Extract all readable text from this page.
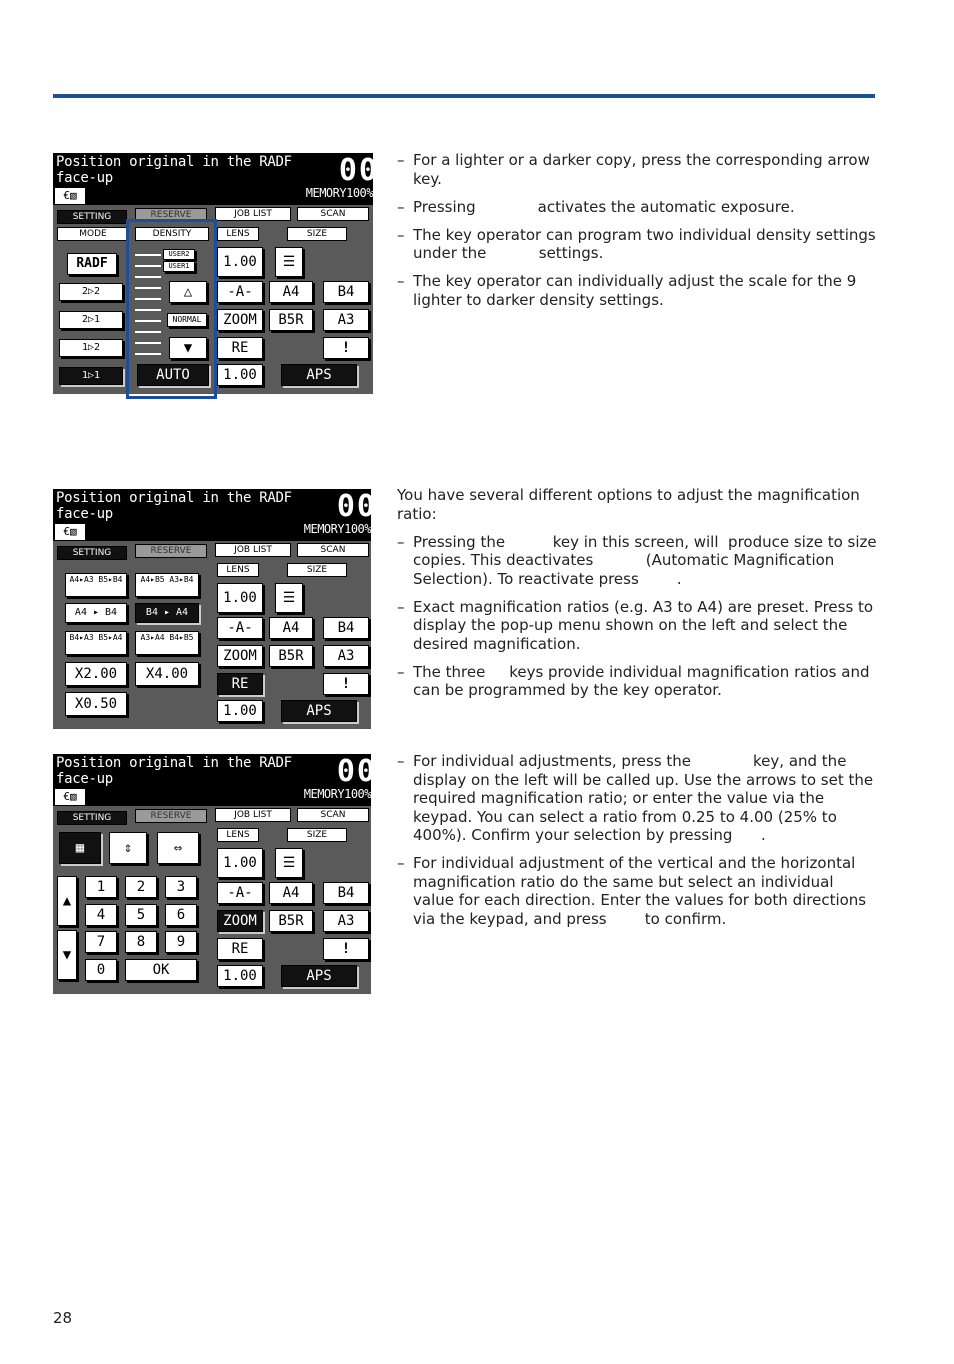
Position original in the RADF
face-up	00
MEMORY100%
€▧
SETTING	RESERVE	JOB LIST	SCAN
MODE	DENSITY	LENS	SIZE
RADF
2▷2
2▷1
1▷2
1▷1
USER2
USER1
△
NORMAL
▼
AUTO
1.00
-A-
ZOOM
RE
1.00
☰
A4	B4
B5R	A3
!
APS
Position original in the RADF
face-up	00
MEMORY100%
€▧
SETTING	RESERVE	JOB LIST	SCAN
LENS	SIZE
A4▸A3 B5▸B4	A4▸B5 A3▸B4
A4 ▸ B4	B4 ▸ A4
B4▸A3 B5▸A4	A3▸A4 B4▸B5
X2.00	X4.00
X0.50
1.00
-A-
ZOOM
RE
1.00
☰
A4	B4
B5R	A3
!
APS
Position original in the RADF
face-up	00
MEMORY100%
€▧
SETTING	RESERVE	JOB LIST	SCAN
LENS	SIZE
▦	⇕	⇔
▲
▼
1	2	3
4	5	6
7	8	9
0	OK
1.00
-A-
ZOOM
RE
1.00
☰
A4	B4
B5R	A3
!
APS
– For a lighter or a darker copy, press the corresponding arrow key.
– Pressing             activates the automatic exposure.
– The key operator can program two individual density settings under the           settings.
– The key operator can individually adjust the scale for the 9 lighter to darker density settings.
You have several different options to adjust the magnification ratio:
– Pressing the          key in this screen, will  produce size to size copies. This deactivates           (Automatic Magnification Selection). To reactivate press        .
– Exact magnification ratios (e.g. A3 to A4) are preset. Press to display the pop-up menu shown on the left and select the desired magnification.
– The three     keys provide individual magnification ratios and can be programmed by the key operator.
– For individual adjustments, press the             key, and the display on the left will be called up. Use the arrows to set the required magnification ratio; or enter the value via the keypad. You can select a ratio from 0.25 to 4.00 (25% to 400%). Confirm your selection by pressing      .
– For individual adjustment of the vertical and the horizontal magnification ratio do the same but select an individual value for each direction. Enter the values for both directions via the keypad, and press        to confirm.
28
